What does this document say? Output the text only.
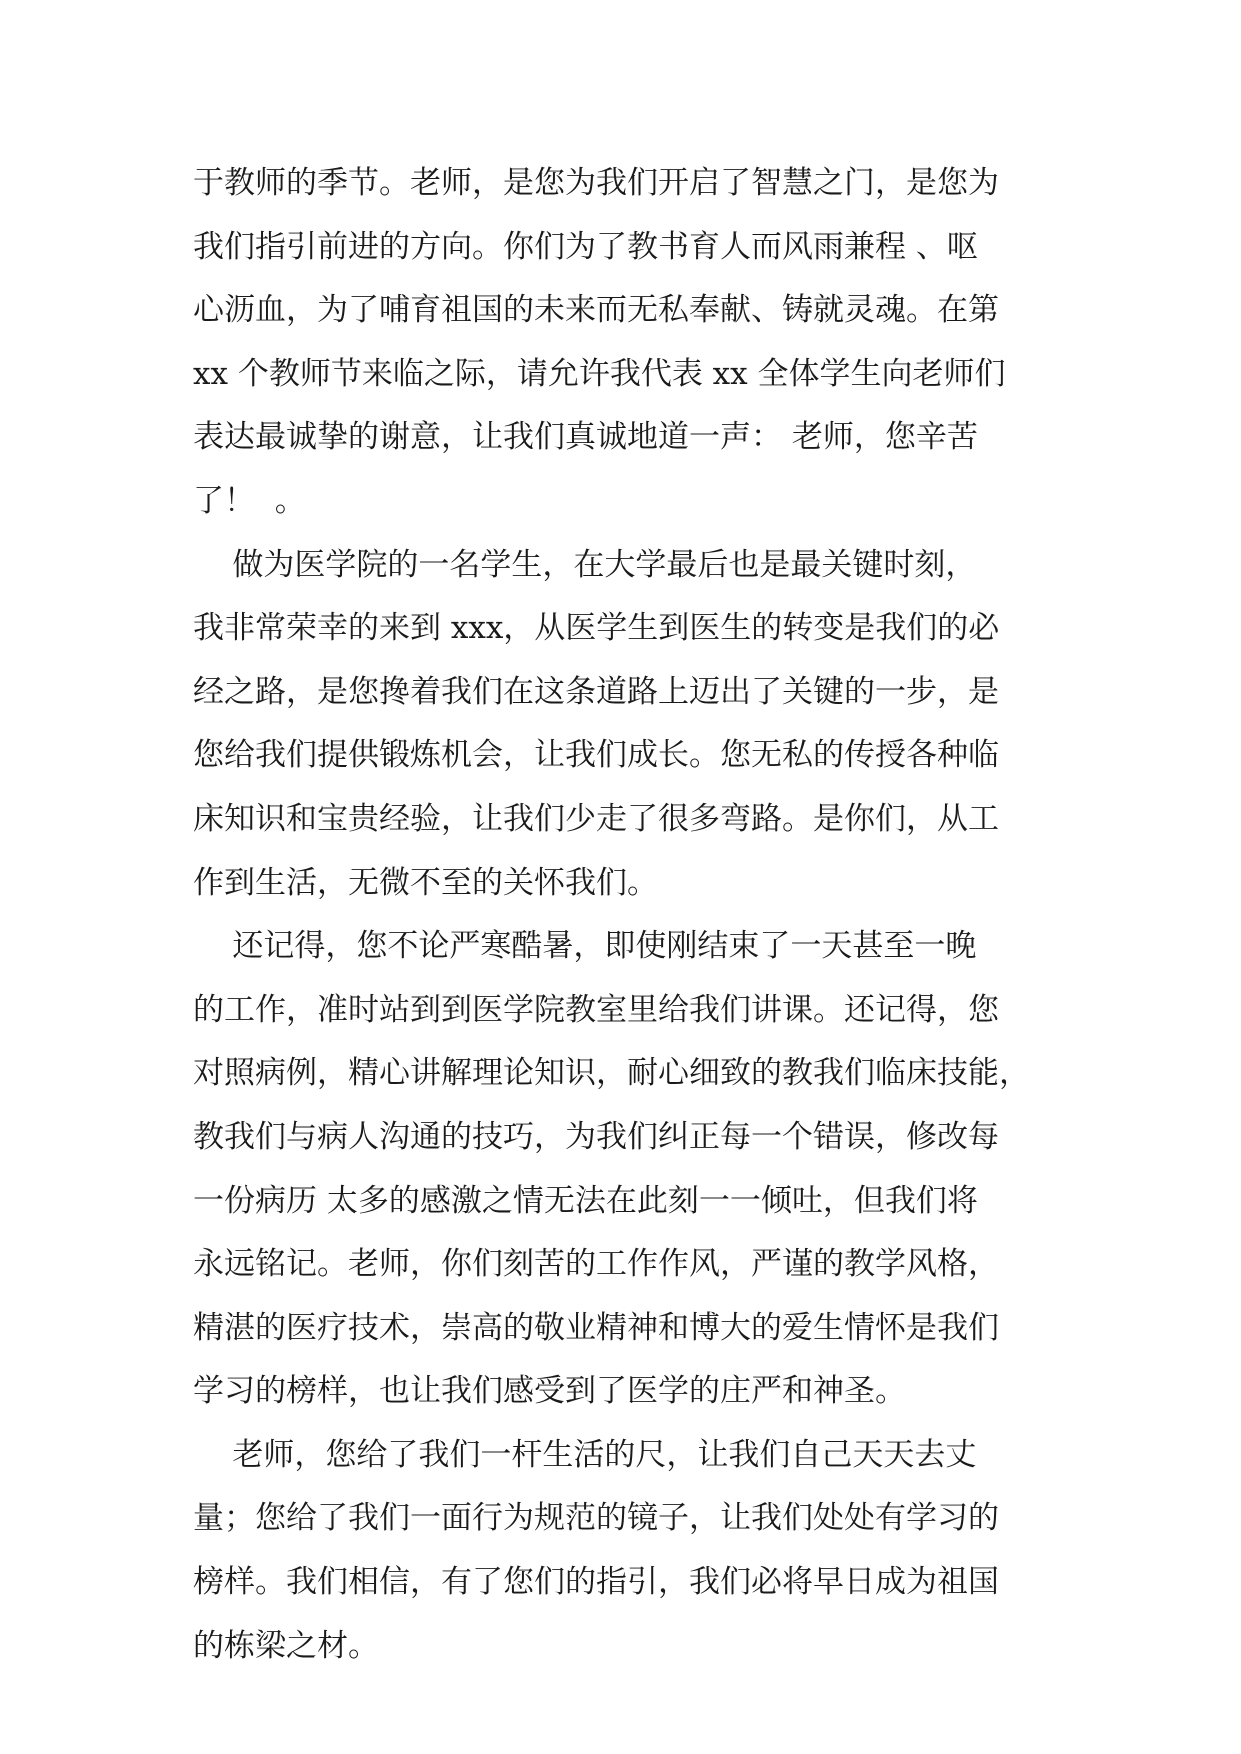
于教师的季节。老师，是您为我们开启了智慧之门，是您为
我们指引前进的方向。你们为了教书育人而风雨兼程 、呕
心沥血，为了哺育祖国的未来而无私奉献、铸就灵魂。在第
xx 个教师节来临之际，请允许我代表 xx 全体学生向老师们
表达最诚挚的谢意，让我们真诚地道一声： 老师，您辛苦
了！  。
做为医学院的一名学生，在大学最后也是最关键时刻，
我非常荣幸的来到 xxx，从医学生到医生的转变是我们的必
经之路，是您搀着我们在这条道路上迈出了关键的一步，是
您给我们提供锻炼机会，让我们成长。您无私的传授各种临
床知识和宝贵经验，让我们少走了很多弯路。是你们，从工
作到生活，无微不至的关怀我们。
还记得，您不论严寒酷暑，即使刚结束了一天甚至一晚
的工作，准时站到到医学院教室里给我们讲课。还记得，您
对照病例，精心讲解理论知识，耐心细致的教我们临床技能，
教我们与病人沟通的技巧，为我们纠正每一个错误，修改每
一份病历 太多的感激之情无法在此刻一一倾吐，但我们将
永远铭记。老师，你们刻苦的工作作风，严谨的教学风格，
精湛的医疗技术，崇高的敬业精神和博大的爱生情怀是我们
学习的榜样，也让我们感受到了医学的庄严和神圣。
老师，您给了我们一杆生活的尺，让我们自己天天去丈
量；您给了我们一面行为规范的镜子，让我们处处有学习的
榜样。我们相信，有了您们的指引，我们必将早日成为祖国
的栋梁之材。
